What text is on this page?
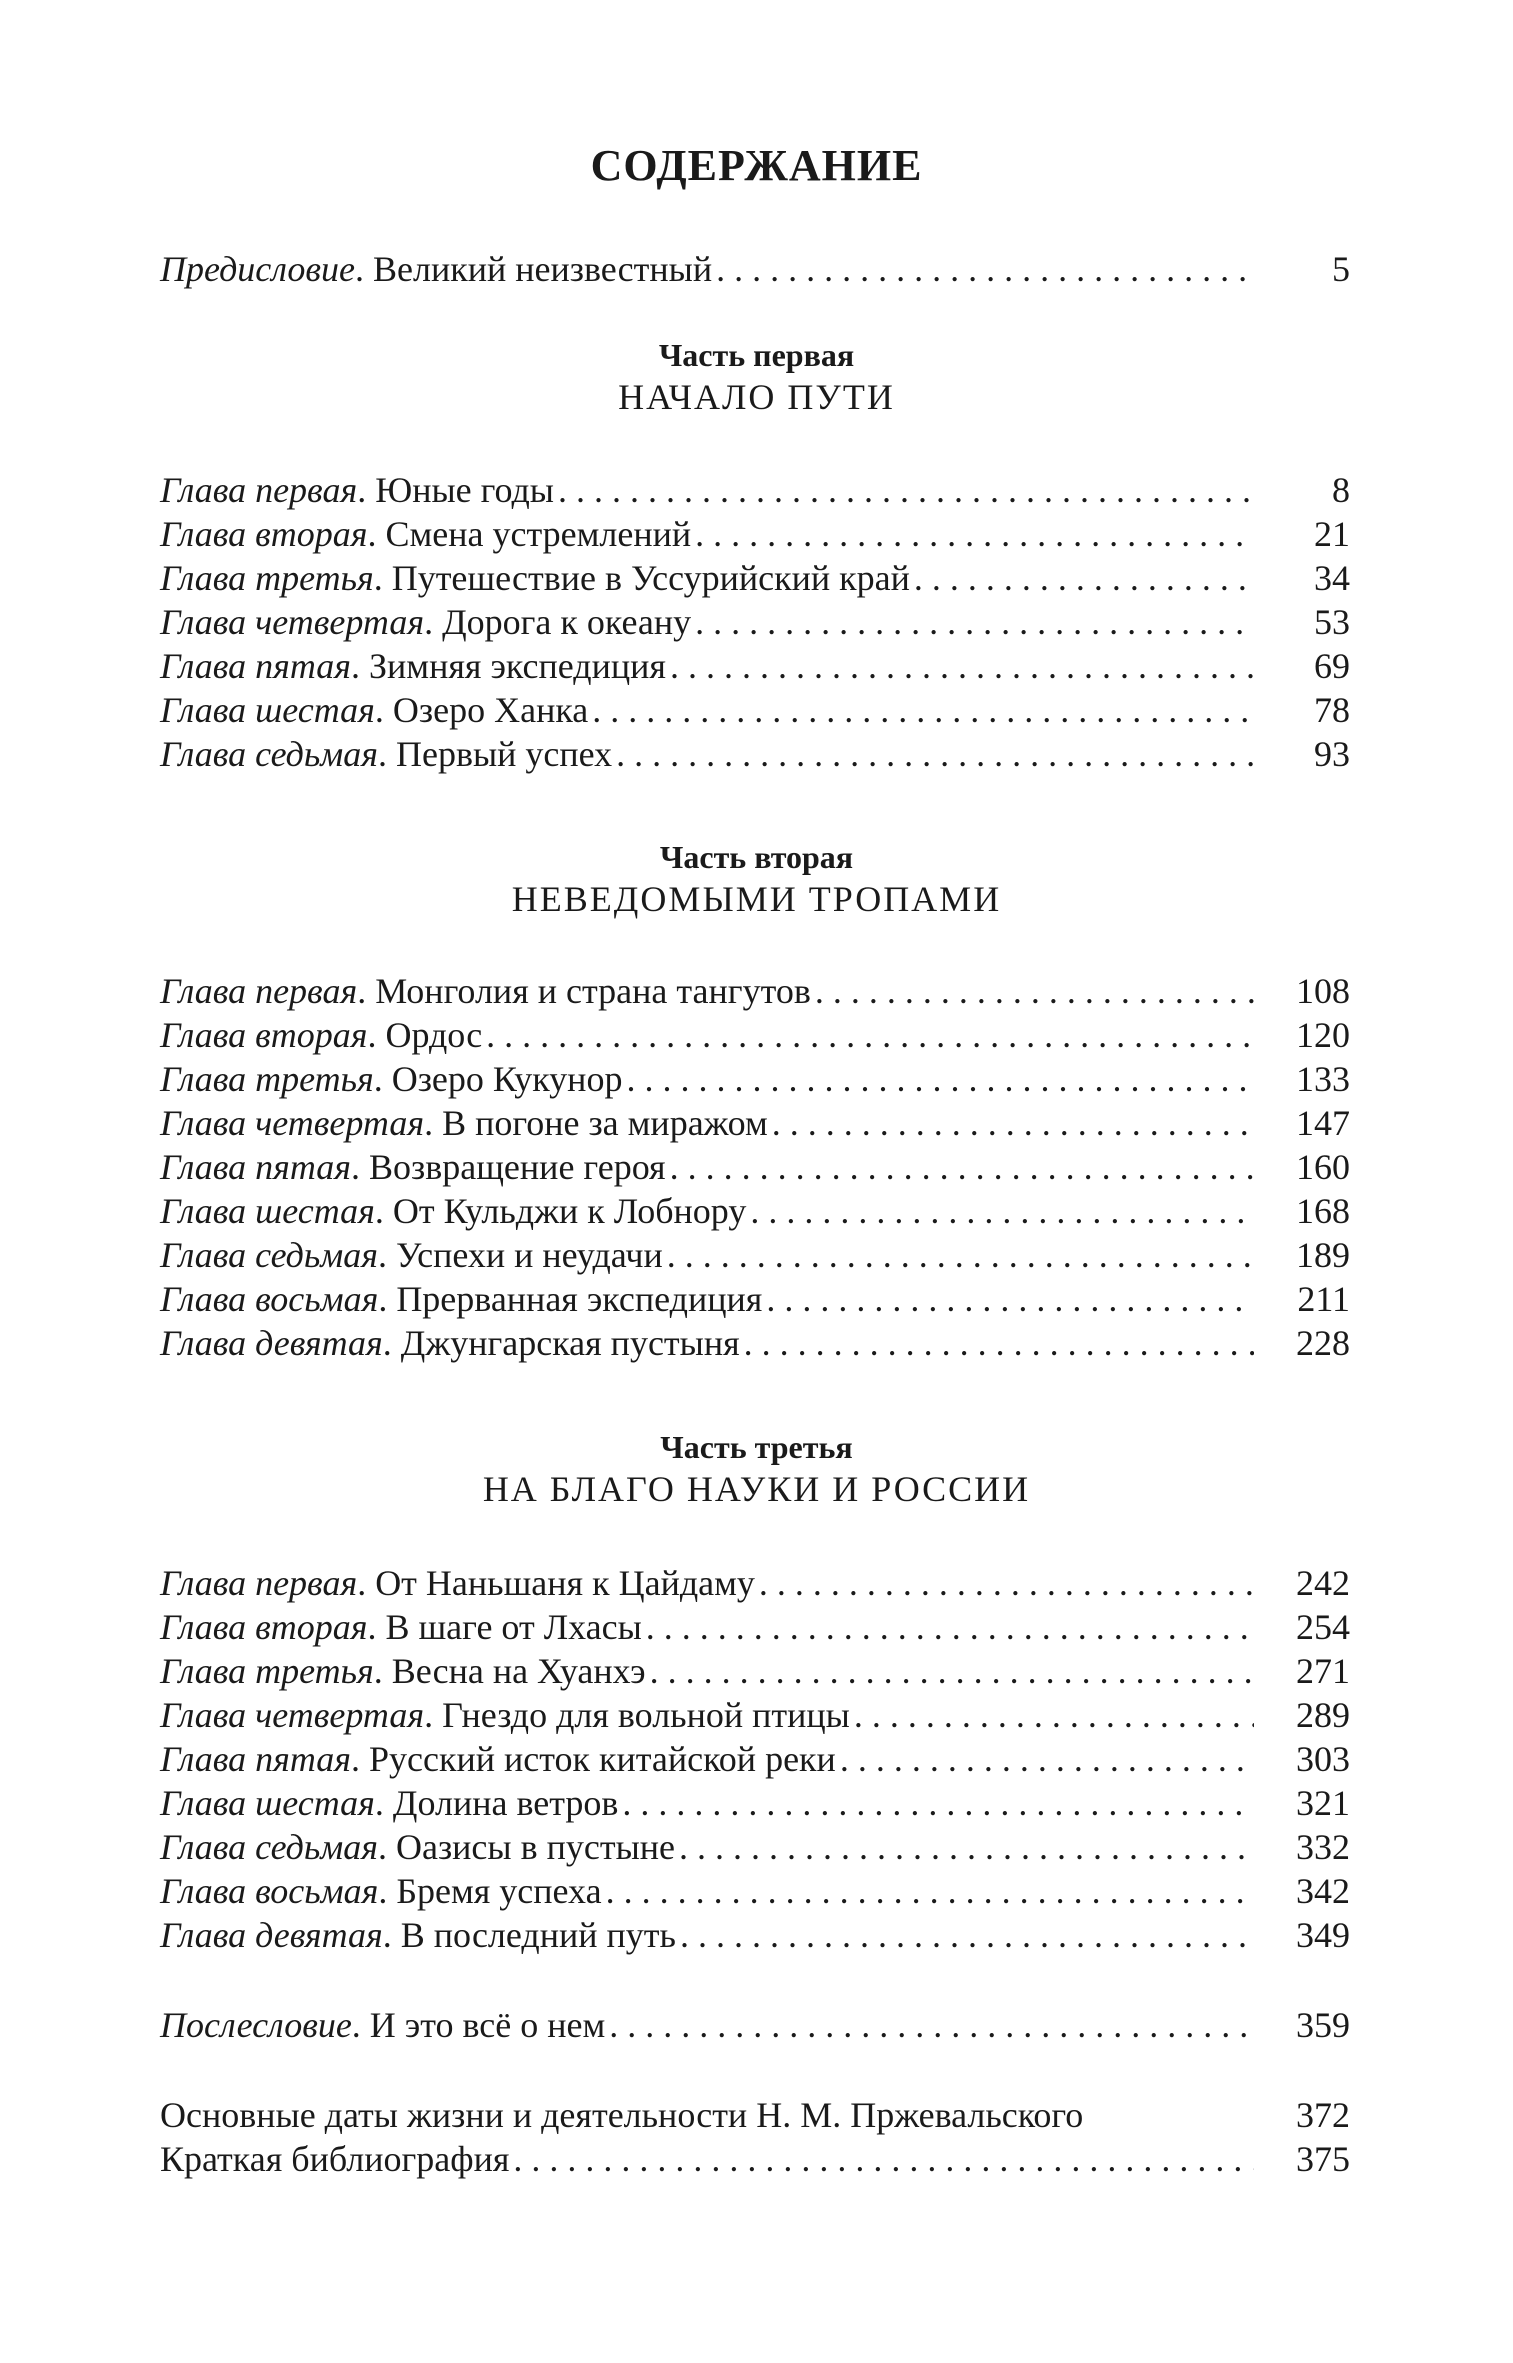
СОДЕРЖАНИЕ
Предисловие. Великий неизвестный . . .	5
Часть первая
НАЧАЛО ПУТИ
Глава первая. Юные годы . . .	8
Глава вторая. Смена устремлений . . .	21
Глава третья. Путешествие в Уссурийский край . . .	34
Глава четвертая. Дорога к океану . . .	53
Глава пятая. Зимняя экспедиция . . .	69
Глава шестая. Озеро Ханка . . .	78
Глава седьмая. Первый успех . . .	93
Часть вторая
НЕВЕДОМЫМИ ТРОПАМИ
Глава первая. Монголия и страна тангутов . . .	108
Глава вторая. Ордос . . .	120
Глава третья. Озеро Кукунор . . .	133
Глава четвертая. В погоне за миражом . . .	147
Глава пятая. Возвращение героя . . .	160
Глава шестая. От Кульджи к Лобнору . . .	168
Глава седьмая. Успехи и неудачи . . .	189
Глава восьмая. Прерванная экспедиция . . .	211
Глава девятая. Джунгарская пустыня . . .	228
Часть третья
НА БЛАГО НАУКИ И РОССИИ
Глава первая. От Наньшаня к Цайдаму . . .	242
Глава вторая. В шаге от Лхасы . . .	254
Глава третья. Весна на Хуанхэ . . .	271
Глава четвертая. Гнездо для вольной птицы . . .	289
Глава пятая. Русский исток китайской реки . . .	303
Глава шестая. Долина ветров . . .	321
Глава седьмая. Оазисы в пустыне . . .	332
Глава восьмая. Бремя успеха . . .	342
Глава девятая. В последний путь . . .	349
Послесловие. И это всё о нем . . .	359
Основные даты жизни и деятельности Н. М. Пржевальского	372
Краткая библиография . . .	375
